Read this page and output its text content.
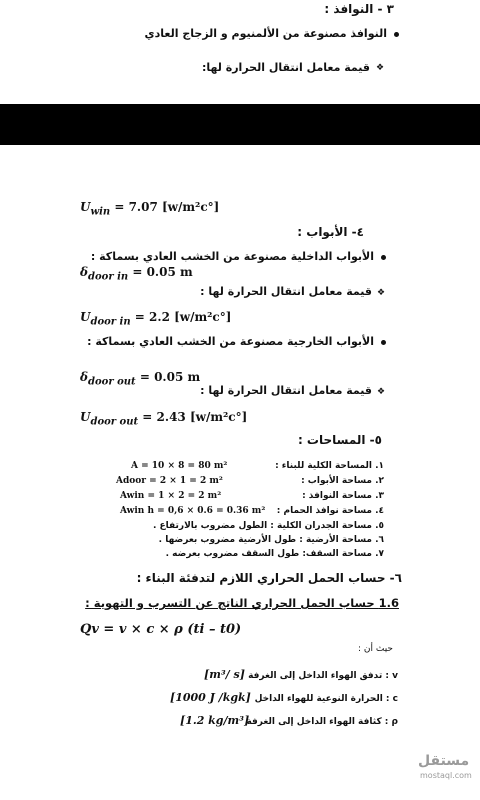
٣ - النوافذ :
النوافذ مصنوعة من الألمنيوم و الزجاج العادي
❖
قيمة معامل انتقال الحرارة لها:
$U_{win} = 7.07$ [w/m²c°]
٤- الأبواب :
الأبواب الداخلية مصنوعة من الخشب العادي بسماكة :
$\delta_{door in} = 0.05$ m
❖
قيمة معامل انتقال الحرارة لها :
$U_{door in} = 2.2$ [w/m²c°]
الأبواب الخارجية مصنوعة من الخشب العادي بسماكة :
$\delta_{door out} = 0.05$ m
❖
قيمة معامل انتقال الحرارة لها :
$U_{door out} = 2.43$ [w/m²c°]
٥- المساحات :
١. المساحة الكلية للبناء :
A = 10 × 8 = 80 m²
٢. مساحة الأبواب :
Adoor = 2 × 1 = 2 m²
٣. مساحة النوافذ :
Awin = 1 × 2 = 2 m²
٤. مساحة نوافذ الحمام :
Awin h = 0,6 × 0.6 = 0.36 m²
٥. مساحة الجدران الكلية : الطول مضروب بالارتفاع .
٦. مساحة الأرضية : طول الأرضية مضروب بعرضها .
٧. مساحة السقف: طول السقف مضروب بعرضه .
٦- حساب الحمل الحراري اللازم لتدفئة البناء :
1.6 حساب الحمل الحراري الناتج عن التسرب و التهوية :
Qv = v × c × ρ (ti – t0)
حيث أن :
v : تدفق الهواء الداخل إلى الغرفة
[m³/ s]
c : الحرارة النوعية للهواء الداخل
[1000 J /kgk]
ρ : كثافة الهواء الداخل إلى الغرفة
[1.2 kg/m³]
مستقل
mostaql.com
